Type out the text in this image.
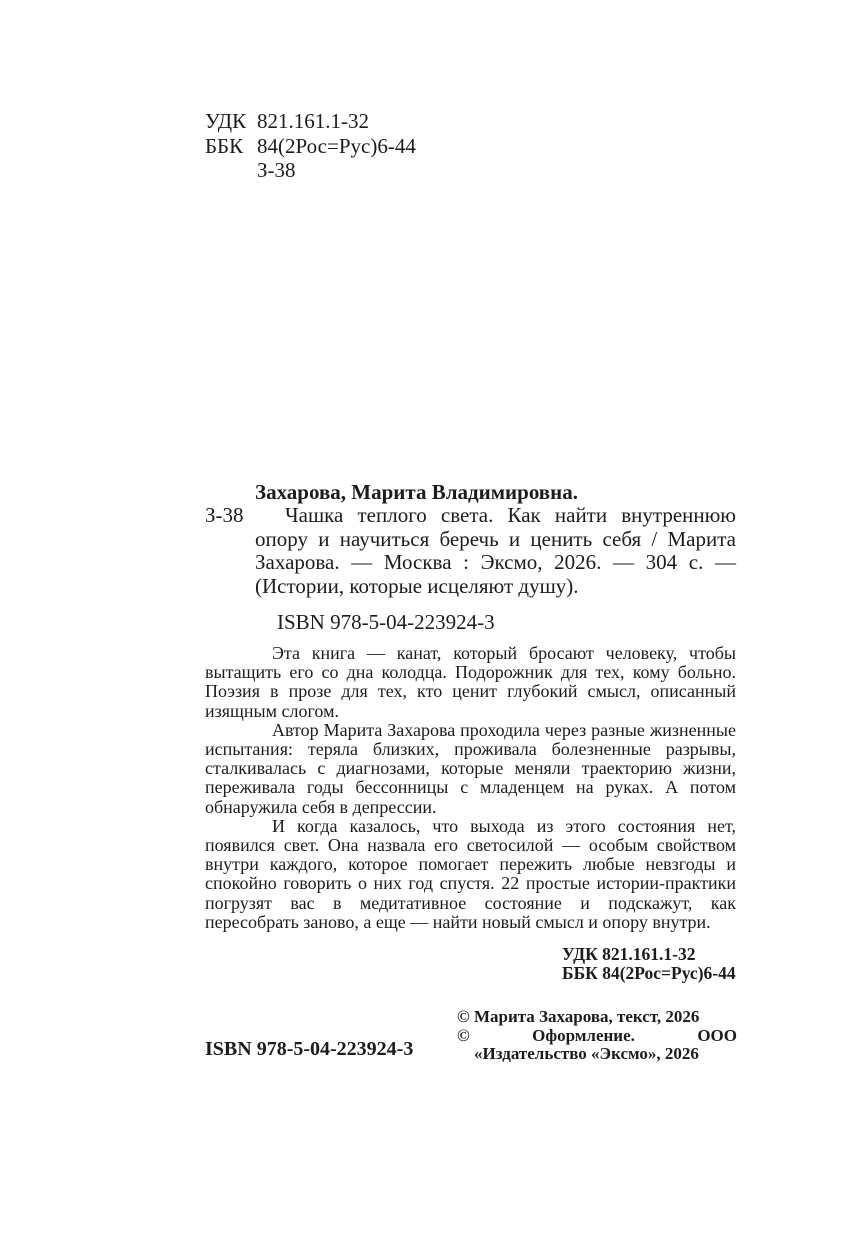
УДК 821.161.1-32
ББК 84(2Рос=Рус)6-44
З-38

Захарова, Марита Владимировна.

З-38 Чашка теплого света. Как найти внутреннюю опору и научиться беречь и ценить себя / Марита Захарова. — Москва : Эксмо, 2026. — 304 с. — (Истории, которые исцеляют душу).

ISBN 978-5-04-223924-3

Эта книга — канат, который бросают человеку, чтобы вытащить его со дна колодца. Подорожник для тех, кому больно. Поэзия в прозе для тех, кто ценит глубокий смысл, описанный изящным слогом.

Автор Марита Захарова проходила через разные жизненные испытания: теряла близких, проживала болезненные разрывы, сталкивалась с диагнозами, которые меняли траекторию жизни, переживала годы бессонницы с младенцем на руках. А потом обнаружила себя в депрессии.

И когда казалось, что выхода из этого состояния нет, появился свет. Она назвала его светосилой — особым свойством внутри каждого, которое помогает пережить любые невзгоды и спокойно говорить о них год спустя. 22 простые истории-практики погрузят вас в медитативное состояние и подскажут, как пересобрать заново, а еще — найти новый смысл и опору внутри.

УДК 821.161.1-32
ББК 84(2Рос=Рус)6-44
ISBN 978-5-04-223924-3

© Марита Захарова, текст, 2026

© Оформление. ООО «Издательство «Эксмо», 2026
